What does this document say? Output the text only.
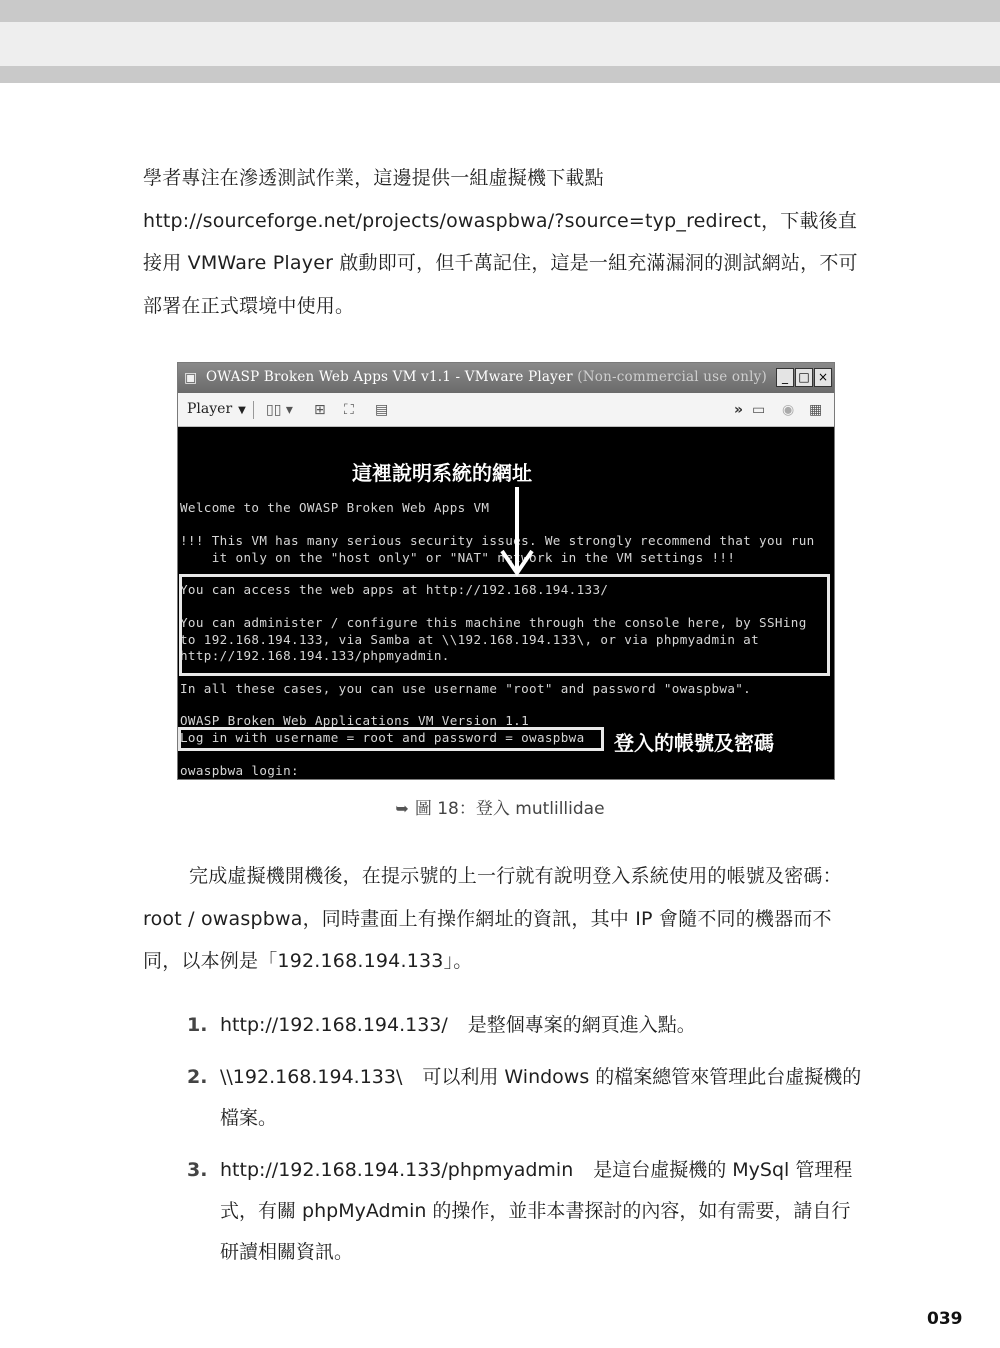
學者專注在滲透測試作業，這邊提供一組虛擬機下載點 http://sourceforge.net/projects/owaspbwa/?source=typ_redirect，下載後直接用 VMWare Player 啟動即可，但千萬記住，這是一組充滿漏洞的測試網站，不可部署在正式環境中使用。
▣ OWASP Broken Web Apps VM v1.1 - VMware Player (Non-commercial use only)	_ □ ×
Player ▼ ▯▯ ▾ ⊞ ⛶ ▤	» ▭ ◉ ▦
Welcome to the OWASP Broken Web Apps VM
!!! This VM has many serious security issues. We strongly recommend that you run
it only on the "host only" or "NAT" network in the VM settings !!!
You can access the web apps at http://192.168.194.133/
You can administer / configure this machine through the console here, by SSHing
to 192.168.194.133, via Samba at \\192.168.194.133\, or via phpmyadmin at
http://192.168.194.133/phpmyadmin.
In all these cases, you can use username "root" and password "owaspbwa".
OWASP Broken Web Applications VM Version 1.1
Log in with username = root and password = owaspbwa
owaspbwa login:
這裡說明系統的網址
登入的帳號及密碼
➥ 圖 18：登入 mutlillidae
完成虛擬機開機後，在提示號的上一行就有說明登入系統使用的帳號及密碼：root / owaspbwa，同時畫面上有操作網址的資訊，其中 IP 會隨不同的機器而不同，以本例是「192.168.194.133」。
1. http://192.168.194.133/ 是整個專案的網頁進入點。
2. \\192.168.194.133\ 可以利用 Windows 的檔案總管來管理此台虛擬機的檔案。
3. http://192.168.194.133/phpmyadmin 是這台虛擬機的 MySql 管理程式，有關 phpMyAdmin 的操作，並非本書探討的內容，如有需要，請自行研讀相關資訊。
039
